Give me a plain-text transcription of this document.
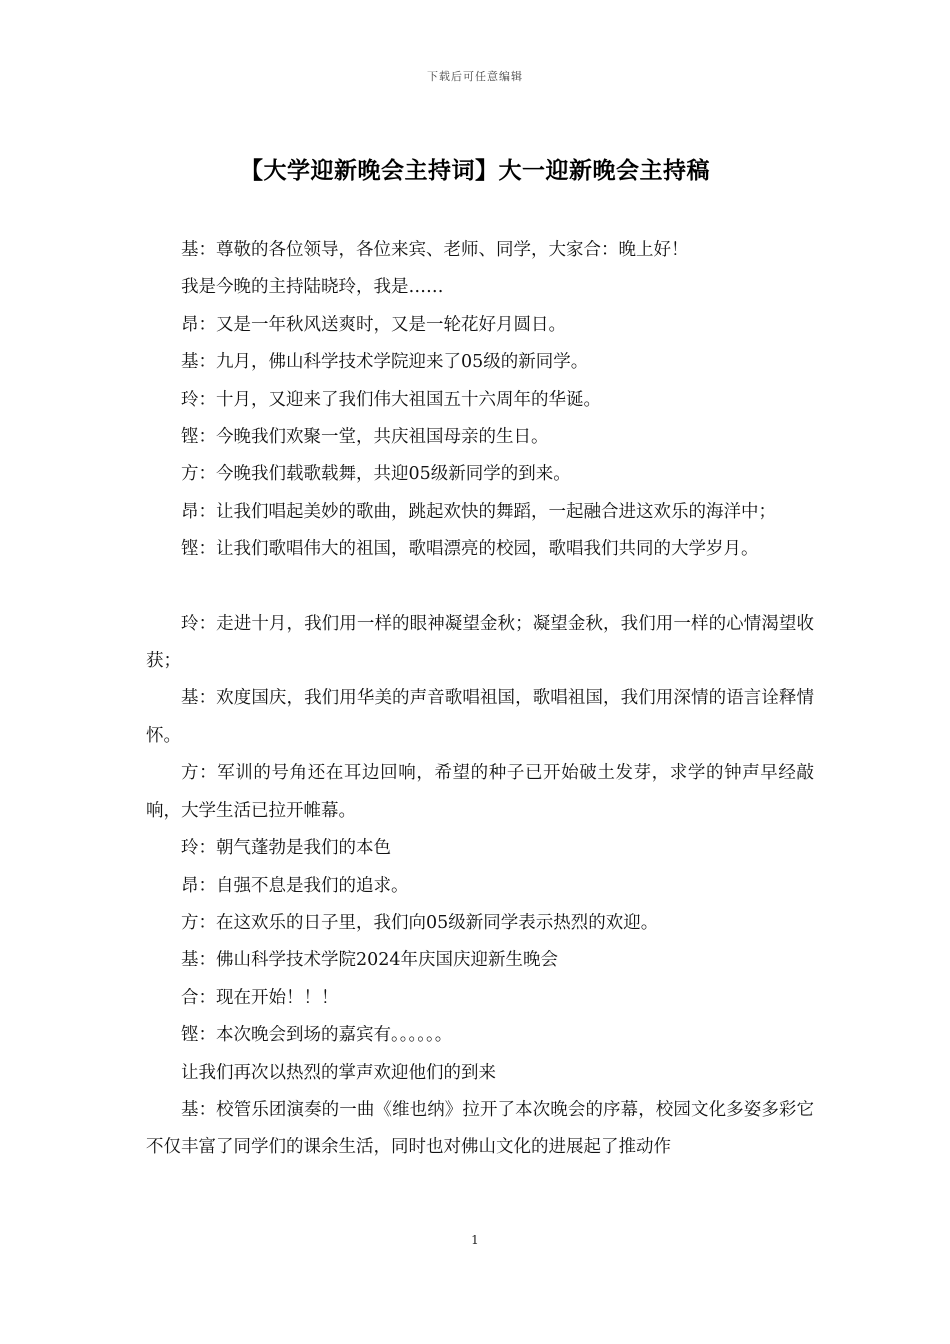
下载后可任意编辑
【大学迎新晚会主持词】大一迎新晚会主持稿

基：尊敬的各位领导，各位来宾、老师、同学，大家合：晚上好！

我是今晚的主持陆晓玲，我是……

昂：又是一年秋风送爽时，又是一轮花好月圆日。

基：九月，佛山科学技术学院迎来了05级的新同学。

玲：十月，又迎来了我们伟大祖国五十六周年的华诞。

铿：今晚我们欢聚一堂，共庆祖国母亲的生日。

方：今晚我们载歌载舞，共迎05级新同学的到来。

昂：让我们唱起美妙的歌曲，跳起欢快的舞蹈，一起融合进这欢乐的海洋中；

铿：让我们歌唱伟大的祖国，歌唱漂亮的校园，歌唱我们共同的大学岁月。

玲：走进十月，我们用一样的眼神凝望金秋；凝望金秋，我们用一样的心情渴望收获；

基：欢度国庆，我们用华美的声音歌唱祖国，歌唱祖国，我们用深情的语言诠释情怀。

方：军训的号角还在耳边回响，希望的种子已开始破土发芽，求学的钟声早经敲响，大学生活已拉开帷幕。

玲：朝气蓬勃是我们的本色

昂：自强不息是我们的追求。

方：在这欢乐的日子里，我们向05级新同学表示热烈的欢迎。

基：佛山科学技术学院2024年庆国庆迎新生晚会

合：现在开始！！！

铿：本次晚会到场的嘉宾有。。。。。。

让我们再次以热烈的掌声欢迎他们的到来

基：校管乐团演奏的一曲《维也纳》拉开了本次晚会的序幕，校园文化多姿多彩它不仅丰富了同学们的课余生活，同时也对佛山文化的进展起了推动作

1
